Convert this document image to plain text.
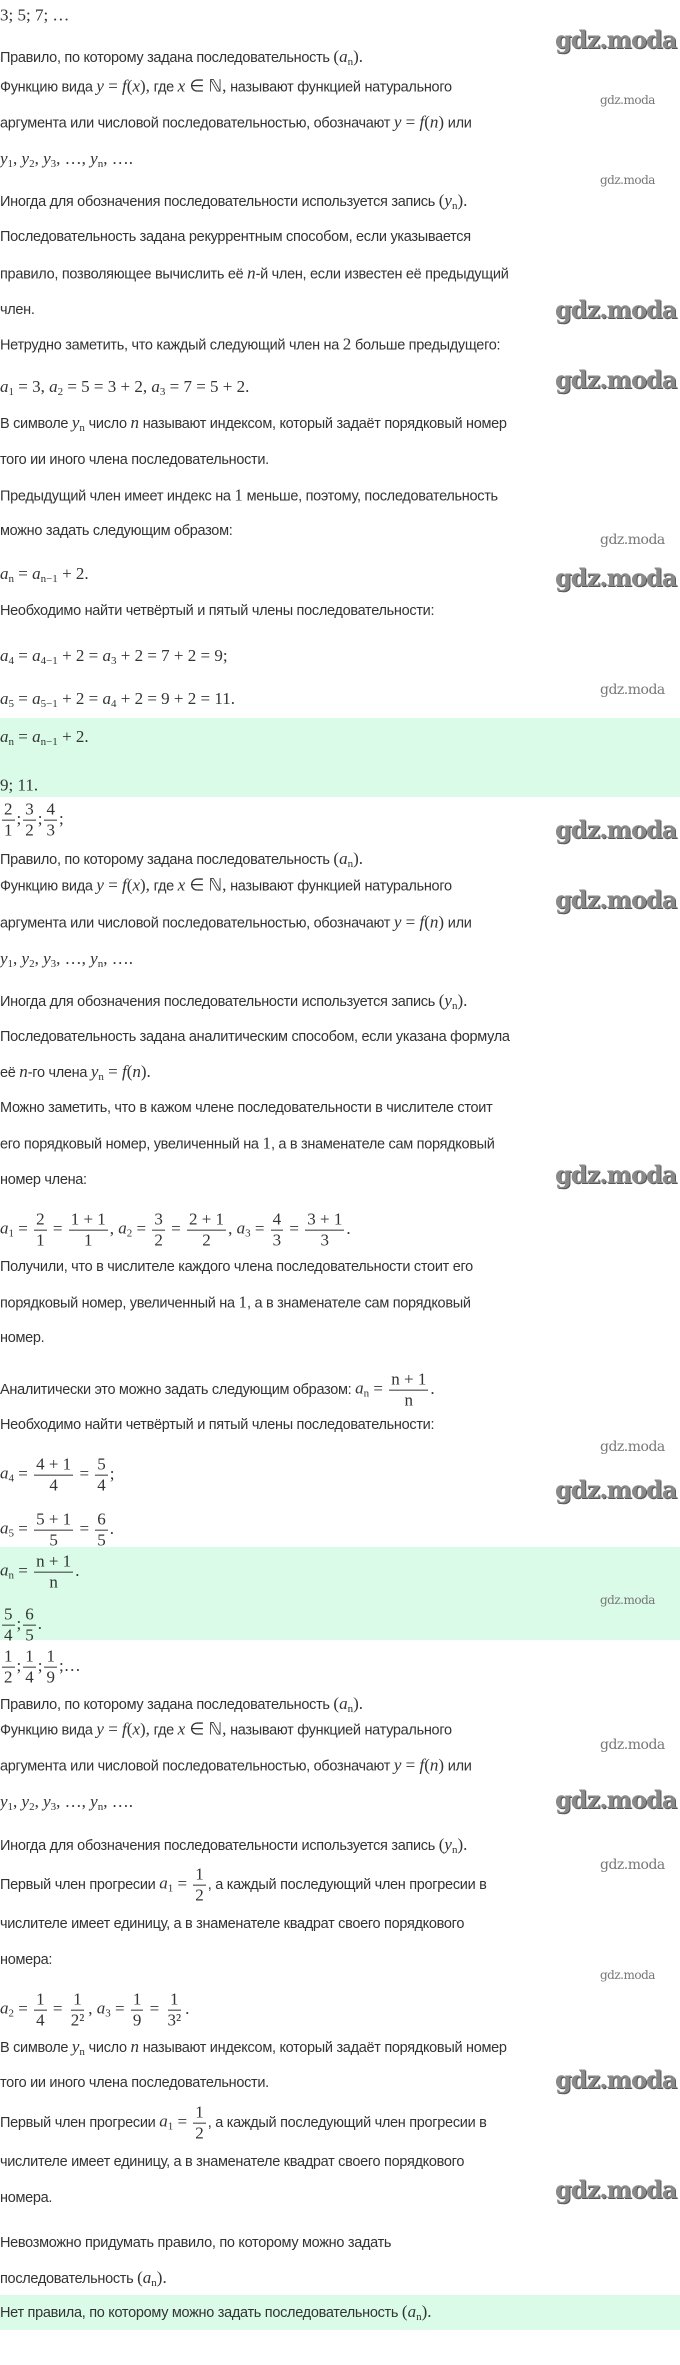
3; 5; 7; …
Правило, по которому задана последовательность $(a_n)$.
Функцию вида y = f(x), где x ∈ ℕ, называют функцией натурального
аргумента или числовой последовательностью, обозначают y = f(n) или
$y_1$, $y_2$, $y_3$, …, $y_n$, ….
Иногда для обозначения последовательности используется запись $(y_n)$.
Последовательность задана рекуррентным способом, если указывается
правило, позволяющее вычислить её n-й член, если известен её предыдущий
член.
Нетрудно заметить, что каждый следующий член на 2 больше предыдущего:
$a_1 = 3$, $a_2 = 5 = 3 + 2$, $a_3 = 7 = 5 + 2$.
В символе $y_n$ число n называют индексом, который задаёт порядковый номер
того ии иного члена последовательности.
Предыдущий член имеет индекс на 1 меньше, поэтому, последовательность
можно задать следующим образом:
$a_n = a_{n-1} + 2$.
Необходимо найти четвёртый и пятый члены последовательности:
$a_4 = a_{4-1} + 2 = a_3 + 2 = 7 + 2 = 9$;
$a_5 = a_{5-1} + 2 = a_4 + 2 = 9 + 2 = 11$.
$a_n = a_{n-1} + 2$.
9; 11.
$\frac{2}{1}$ ; $\frac{3}{2}$ ; $\frac{4}{3}$ ;
Правило, по которому задана последовательность $(a_n)$.
Функцию вида y = f(x), где x ∈ ℕ, называют функцией натурального
аргумента или числовой последовательностью, обозначают y = f(n) или
$y_1$, $y_2$, $y_3$, …, $y_n$, ….
Иногда для обозначения последовательности используется запись $(y_n)$.
Последовательность задана аналитическим способом, если указана формула
её n-го члена $y_n = f(n)$.
Можно заметить, что в кажом члене последовательности в числителе стоит
его порядковый номер, увеличенный на 1, а в знаменателе сам порядковый
номер члена:
$a_1 = \frac{2}{1} = \frac{1 + 1}{1}$ , $a_2 = \frac{3}{2} = \frac{2 + 1}{2}$ , $a_3 = \frac{4}{3} = \frac{3 + 1}{3}$ .
Получили, что в числителе каждого члена последовательности стоит его
порядковый номер, увеличенный на 1, а в знаменателе сам порядковый
номер.
Аналитически это можно задать следующим образом: $a_n = \frac{n + 1}{n}$ .
Необходимо найти четвёртый и пятый члены последовательности:
$a_4 = \frac{4 + 1}{4} = \frac{5}{4}$ ;
$a_5 = \frac{5 + 1}{5} = \frac{6}{5}$ .
$a_n = \frac{n + 1}{n}$ .
$\frac{5}{4}$ ; $\frac{6}{5}$ .
$\frac{1}{2}$ ; $\frac{1}{4}$ ; $\frac{1}{9}$ ;…
Правило, по которому задана последовательность $(a_n)$.
Функцию вида y = f(x), где x ∈ ℕ, называют функцией натурального
аргумента или числовой последовательностью, обозначают y = f(n) или
$y_1$, $y_2$, $y_3$, …, $y_n$, ….
Иногда для обозначения последовательности используется запись $(y_n)$.
Первый член прогресии $a_1 = \frac{1}{2}$ , а каждый последующий член прогресии в
числителе имеет единицу, а в знаменателе квадрат своего порядкового
номера:
$a_2 = \frac{1}{4} = \frac{1}{\text{2²}}$ , $a_3 = \frac{1}{9} = \frac{1}{\text{3²}}$ .
В символе $y_n$ число n называют индексом, который задаёт порядковый номер
того ии иного члена последовательности.
Первый член прогресии $a_1 = \frac{1}{2}$ , а каждый последующий член прогресии в
числителе имеет единицу, а в знаменателе квадрат своего порядкового
номера.
Невозможно придумать правило, по которому можно задать
последовательность $(a_n)$.
Нет правила, по которому можно задать последовательность $(a_n)$.
gdz.moda
gdz.moda
gdz.moda
gdz.moda
gdz.moda
gdz.moda
gdz.moda
gdz.moda
gdz.moda
gdz.moda
gdz.moda
gdz.moda
gdz.moda
gdz.moda
gdz.moda
gdz.moda
gdz.moda
gdz.moda
gdz.moda
gdz.moda
